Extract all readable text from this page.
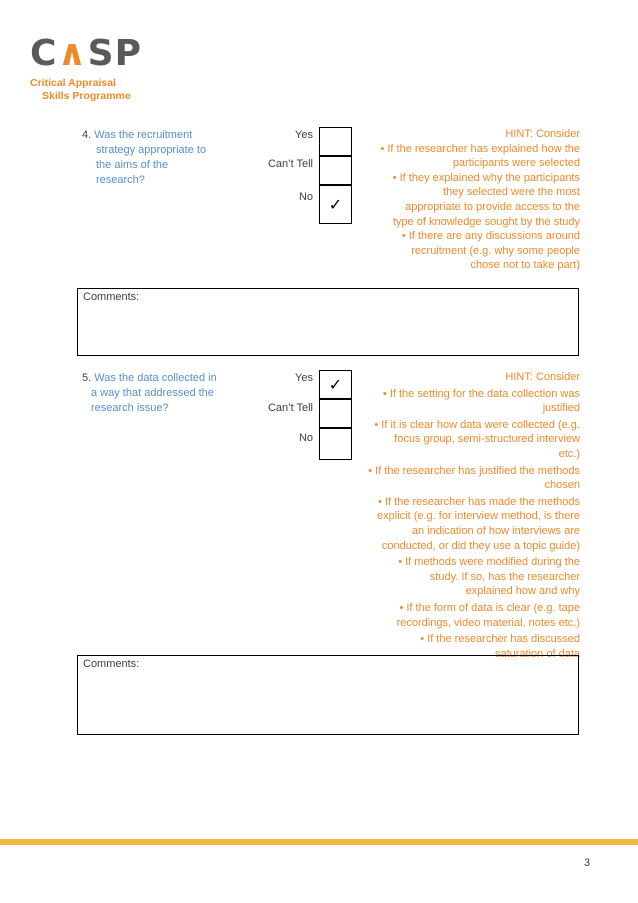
C∧SP
Critical Appraisal
Skills Programme
4. Was the recruitment
strategy appropriate to
the aims of the
research?
Yes
Can’t Tell
No ✓
HINT: Consider
• If the researcher has explained how the
participants were selected
• If they explained why the participants
they selected were the most
appropriate to provide access to the
type of knowledge sought by the study
• If there are any discussions around
recruitment (e.g. why some people
chose not to take part)
Comments:
5. Was the data collected in
a way that addressed the
research issue?
Yes
Can’t Tell
No
✓	HINT: Consider
• If the setting for the data collection was
justified
• If it is clear how data were collected (e.g.
focus group, semi-structured interview
etc.)
• If the researcher has justified the methods
chosen
• If the researcher has made the methods
explicit (e.g. for interview method, is there
an indication of how interviews are
conducted, or did they use a topic guide)
• If methods were modified during the
study. If so, has the researcher
explained how and why
• If the form of data is clear (e.g. tape
recordings, video material, notes etc.)
• If the researcher has discussed
saturation of data
Comments:
3
